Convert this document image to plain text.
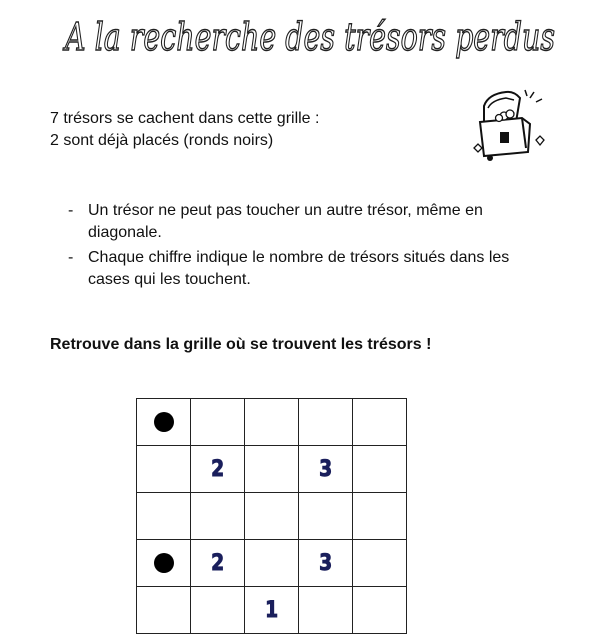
A la recherche des trésors perdus
7 trésors se cachent dans cette grille :
2 sont déjà placés (ronds noirs)
- Un trésor ne peut pas toucher un autre trésor, même en diagonale.
- Chaque chiffre indique le nombre de trésors situés dans les cases qui les touchent.
Retrouve dans la grille où se trouvent les trésors !

	2		3	

	2		3	
		1		
